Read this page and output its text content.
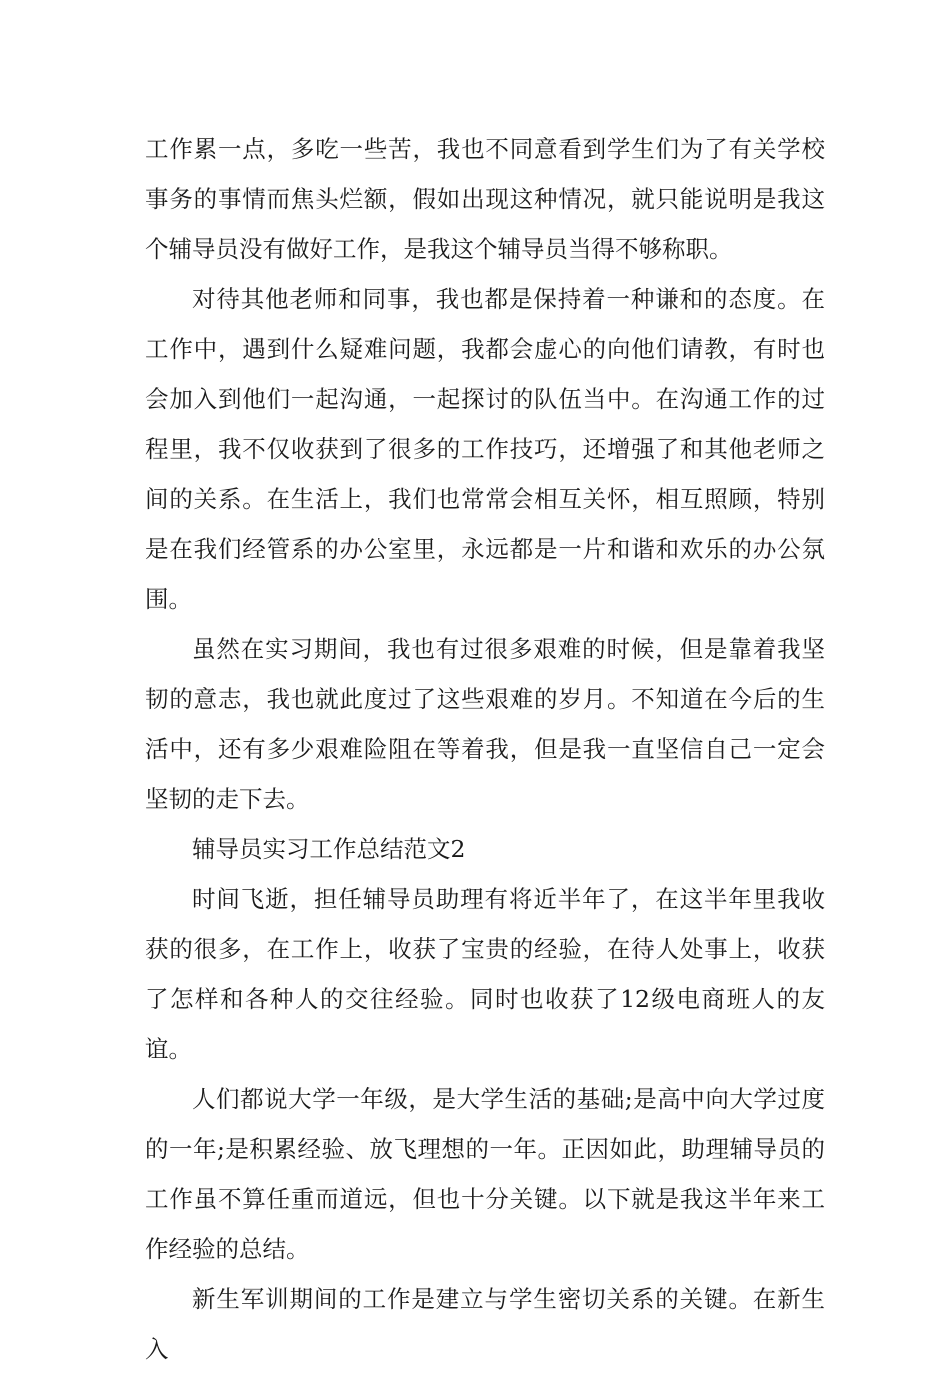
工作累一点，多吃一些苦，我也不同意看到学生们为了有关学校事务的事情而焦头烂额，假如出现这种情况，就只能说明是我这个辅导员没有做好工作，是我这个辅导员当得不够称职。

对待其他老师和同事，我也都是保持着一种谦和的态度。在工作中，遇到什么疑难问题，我都会虚心的向他们请教，有时也会加入到他们一起沟通，一起探讨的队伍当中。在沟通工作的过程里，我不仅收获到了很多的工作技巧，还增强了和其他老师之间的关系。在生活上，我们也常常会相互关怀，相互照顾，特别是在我们经管系的办公室里，永远都是一片和谐和欢乐的办公氛围。

虽然在实习期间，我也有过很多艰难的时候，但是靠着我坚韧的意志，我也就此度过了这些艰难的岁月。不知道在今后的生活中，还有多少艰难险阻在等着我，但是我一直坚信自己一定会坚韧的走下去。

辅导员实习工作总结范文2

时间飞逝，担任辅导员助理有将近半年了，在这半年里我收获的很多，在工作上，收获了宝贵的经验，在待人处事上，收获了怎样和各种人的交往经验。同时也收获了12级电商班人的友谊。

人们都说大学一年级，是大学生活的基础;是高中向大学过度的一年;是积累经验、放飞理想的一年。正因如此，助理辅导员的工作虽不算任重而道远，但也十分关键。以下就是我这半年来工作经验的总结。

新生军训期间的工作是建立与学生密切关系的关键。在新生入
